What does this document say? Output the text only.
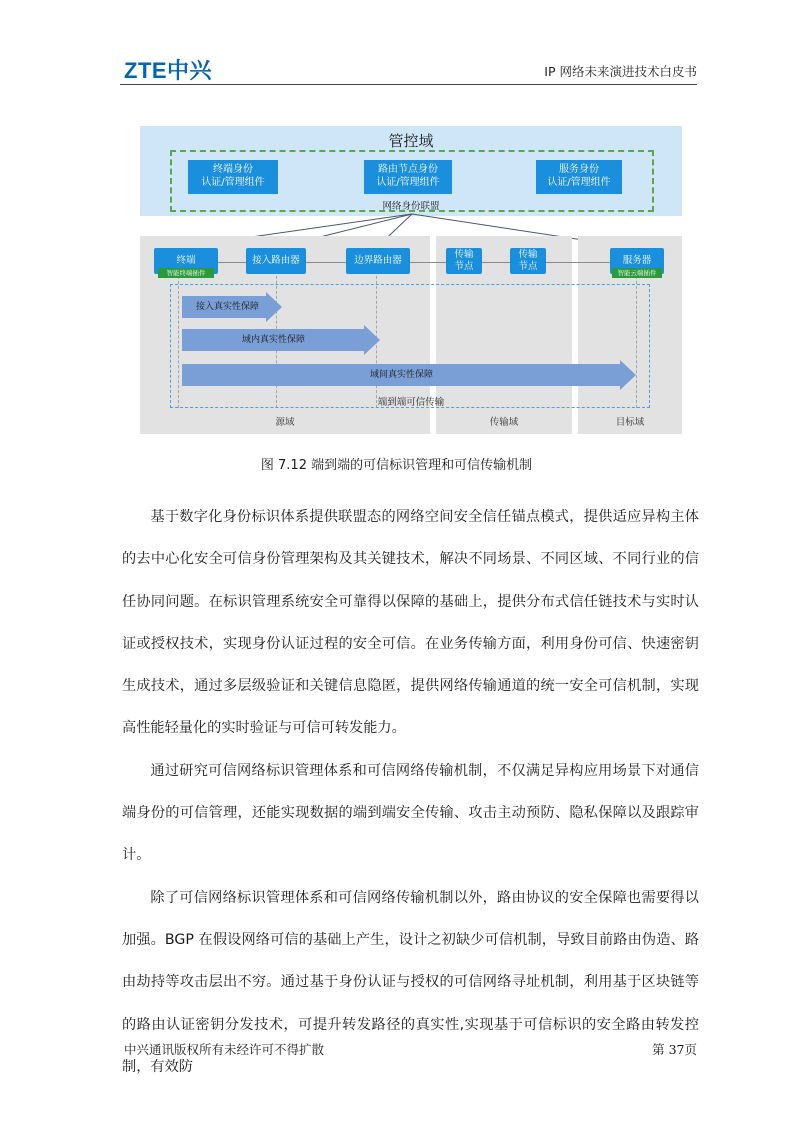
ZTE中兴	IP 网络未来演进技术白皮书
管控域
终端身份
认证/管理组件
路由节点身份
认证/管理组件
服务身份
认证/管理组件
网络身份联盟
源域	传输域	目标域
终端
智能终端插件
接入路由器	边界路由器
传输
节点
传输
节点
服务器
智能云端插件
接入真实性保障
域内真实性保障
域间真实性保障
端到端可信传输
图 7.12 端到端的可信标识管理和可信传输机制

基于数字化身份标识体系提供联盟态的网络空间安全信任锚点模式，提供适应异构主体的去中心化安全可信身份管理架构及其关键技术，解决不同场景、不同区域、不同行业的信任协同问题。在标识管理系统安全可靠得以保障的基础上，提供分布式信任链技术与实时认证或授权技术，实现身份认证过程的安全可信。在业务传输方面，利用身份可信、快速密钥生成技术，通过多层级验证和关键信息隐匿，提供网络传输通道的统一安全可信机制，实现高性能轻量化的实时验证与可信可转发能力。

通过研究可信网络标识管理体系和可信网络传输机制，不仅满足异构应用场景下对通信端身份的可信管理，还能实现数据的端到端安全传输、攻击主动预防、隐私保障以及跟踪审计。

除了可信网络标识管理体系和可信网络传输机制以外，路由协议的安全保障也需要得以加强。BGP 在假设网络可信的基础上产生，设计之初缺少可信机制，导致目前路由伪造、路由劫持等攻击层出不穷。通过基于身份认证与授权的可信网络寻址机制，利用基于区块链等的路由认证密钥分发技术，可提升转发路径的真实性,实现基于可信标识的安全路由转发控制，有效防

中兴通讯版权所有未经许可不得扩散	第 37页
